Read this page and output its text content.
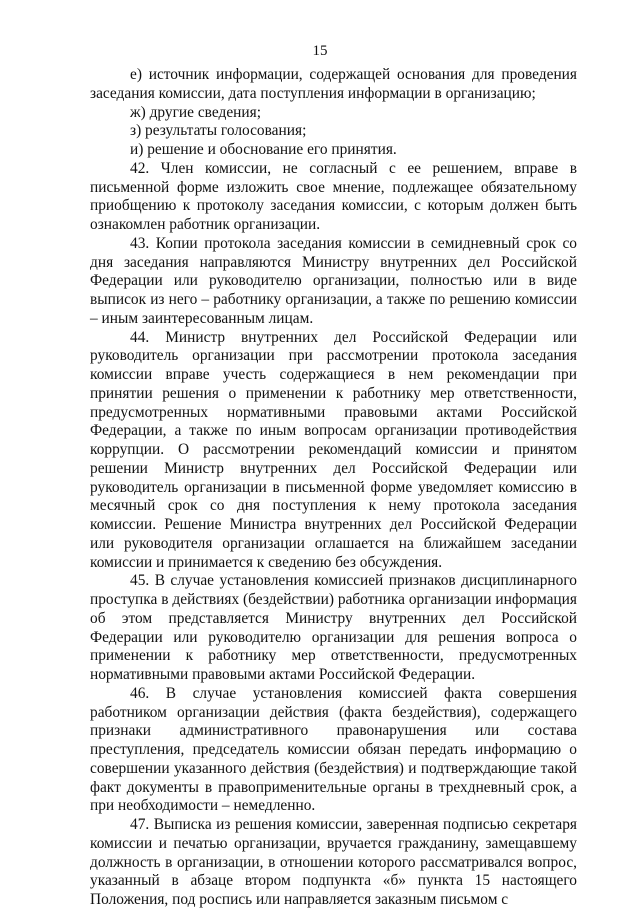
15

е) источник информации, содержащей основания для проведения заседания комиссии, дата поступления информации в организацию;

ж) другие сведения;

з) результаты голосования;

и) решение и обоснование его принятия.

42. Член комиссии, не согласный с ее решением, вправе в письменной форме изложить свое мнение, подлежащее обязательному приобщению к протоколу заседания комиссии, с которым должен быть ознакомлен работник организации.

43. Копии протокола заседания комиссии в семидневный срок со дня заседания направляются Министру внутренних дел Российской Федерации или руководителю организации, полностью или в виде выписок из него – работнику организации, а также по решению комиссии – иным заинтересованным лицам.

44. Министр внутренних дел Российской Федерации или руководитель организации при рассмотрении протокола заседания комиссии вправе учесть содержащиеся в нем рекомендации при принятии решения о применении к работнику мер ответственности, предусмотренных нормативными правовыми актами Российской Федерации, а также по иным вопросам организации противодействия коррупции. О рассмотрении рекомендаций комиссии и принятом решении Министр внутренних дел Российской Федерации или руководитель организации в письменной форме уведомляет комиссию в месячный срок со дня поступления к нему протокола заседания комиссии. Решение Министра внутренних дел Российской Федерации или руководителя организации оглашается на ближайшем заседании комиссии и принимается к сведению без обсуждения.

45. В случае установления комиссией признаков дисциплинарного проступка в действиях (бездействии) работника организации информация об этом представляется Министру внутренних дел Российской Федерации или руководителю организации для решения вопроса о применении к работнику мер ответственности, предусмотренных нормативными правовыми актами Российской Федерации.

46. В случае установления комиссией факта совершения работником организации действия (факта бездействия), содержащего признаки административного правонарушения или состава преступления, председатель комиссии обязан передать информацию о совершении указанного действия (бездействия) и подтверждающие такой факт документы в правоприменительные органы в трехдневный срок, а при необходимости – немедленно.

47. Выписка из решения комиссии, заверенная подписью секретаря комиссии и печатью организации, вручается гражданину, замещавшему должность в организации, в отношении которого рассматривался вопрос, указанный в абзаце втором подпункта «б» пункта 15 настоящего Положения, под роспись или направляется заказным письмом с
